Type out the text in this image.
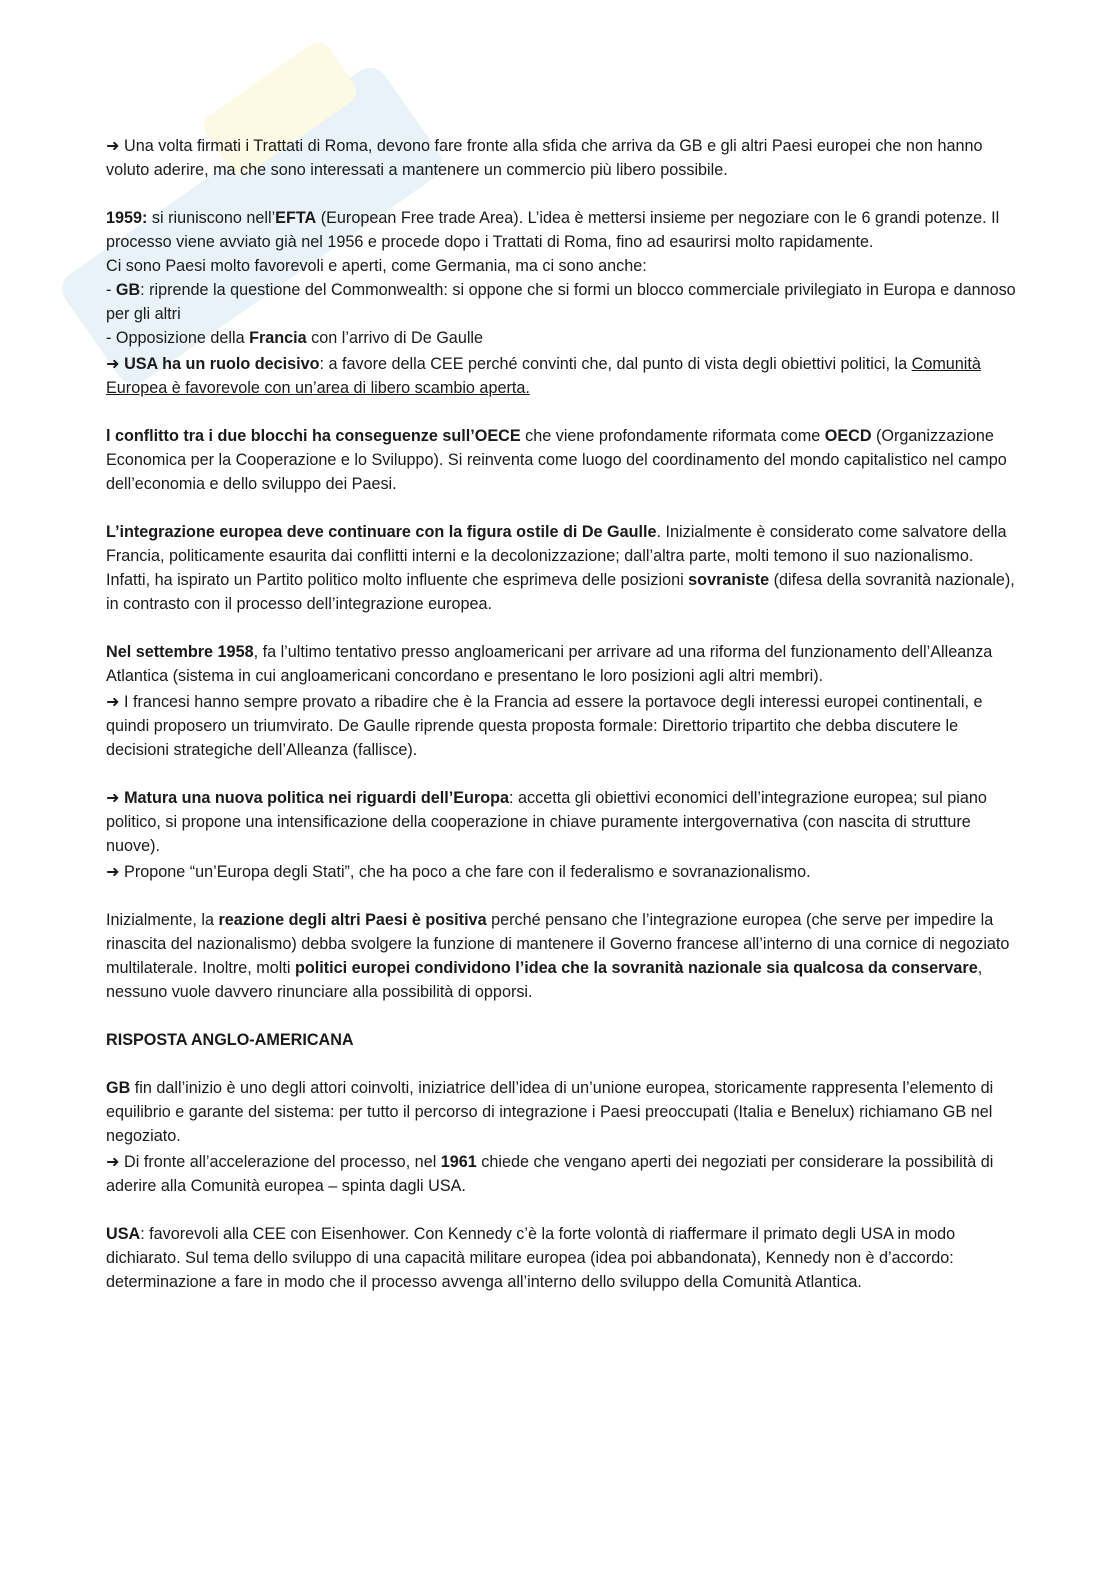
➜ Una volta firmati i Trattati di Roma, devono fare fronte alla sfida che arriva da GB e gli altri Paesi europei che non hanno voluto aderire, ma che sono interessati a mantenere un commercio più libero possibile.

1959: si riuniscono nell’EFTA (European Free trade Area). L’idea è mettersi insieme per negoziare con le 6 grandi potenze. Il processo viene avviato già nel 1956 e procede dopo i Trattati di Roma, fino ad esaurirsi molto rapidamente.

Ci sono Paesi molto favorevoli e aperti, come Germania, ma ci sono anche:

- GB: riprende la questione del Commonwealth: si oppone che si formi un blocco commerciale privilegiato in Europa e dannoso per gli altri

- Opposizione della Francia con l’arrivo di De Gaulle

➜ USA ha un ruolo decisivo: a favore della CEE perché convinti che, dal punto di vista degli obiettivi politici, la Comunità Europea è favorevole con un’area di libero scambio aperta.

l conflitto tra i due blocchi ha conseguenze sull’OECE che viene profondamente riformata come OECD (Organizzazione Economica per la Cooperazione e lo Sviluppo). Si reinventa come luogo del coordinamento del mondo capitalistico nel campo dell’economia e dello sviluppo dei Paesi.

L’integrazione europea deve continuare con la figura ostile di De Gaulle. Inizialmente è considerato come salvatore della Francia, politicamente esaurita dai conflitti interni e la decolonizzazione; dall’altra parte, molti temono il suo nazionalismo.

Infatti, ha ispirato un Partito politico molto influente che esprimeva delle posizioni sovraniste (difesa della sovranità nazionale), in contrasto con il processo dell’integrazione europea.

Nel settembre 1958, fa l’ultimo tentativo presso angloamericani per arrivare ad una riforma del funzionamento dell’Alleanza Atlantica (sistema in cui angloamericani concordano e presentano le loro posizioni agli altri membri).

➜ I francesi hanno sempre provato a ribadire che è la Francia ad essere la portavoce degli interessi europei continentali, e quindi proposero un triumvirato. De Gaulle riprende questa proposta formale: Direttorio tripartito che debba discutere le decisioni strategiche dell’Alleanza (fallisce).

➜ Matura una nuova politica nei riguardi dell’Europa: accetta gli obiettivi economici dell’integrazione europea; sul piano politico, si propone una intensificazione della cooperazione in chiave puramente intergovernativa (con nascita di strutture nuove).

➜ Propone “un’Europa degli Stati”, che ha poco a che fare con il federalismo e sovranazionalismo.

Inizialmente, la reazione degli altri Paesi è positiva perché pensano che l’integrazione europea (che serve per impedire la rinascita del nazionalismo) debba svolgere la funzione di mantenere il Governo francese all’interno di una cornice di negoziato multilaterale. Inoltre, molti politici europei condividono l’idea che la sovranità nazionale sia qualcosa da conservare, nessuno vuole davvero rinunciare alla possibilità di opporsi.

RISPOSTA ANGLO-AMERICANA

GB fin dall’inizio è uno degli attori coinvolti, iniziatrice dell’idea di un’unione europea, storicamente rappresenta l’elemento di equilibrio e garante del sistema: per tutto il percorso di integrazione i Paesi preoccupati (Italia e Benelux) richiamano GB nel negoziato.

➜ Di fronte all’accelerazione del processo, nel 1961 chiede che vengano aperti dei negoziati per considerare la possibilità di aderire alla Comunità europea – spinta dagli USA.

USA: favorevoli alla CEE con Eisenhower. Con Kennedy c’è la forte volontà di riaffermare il primato degli USA in modo dichiarato. Sul tema dello sviluppo di una capacità militare europea (idea poi abbandonata), Kennedy non è d’accordo: determinazione a fare in modo che il processo avvenga all’interno dello sviluppo della Comunità Atlantica.
